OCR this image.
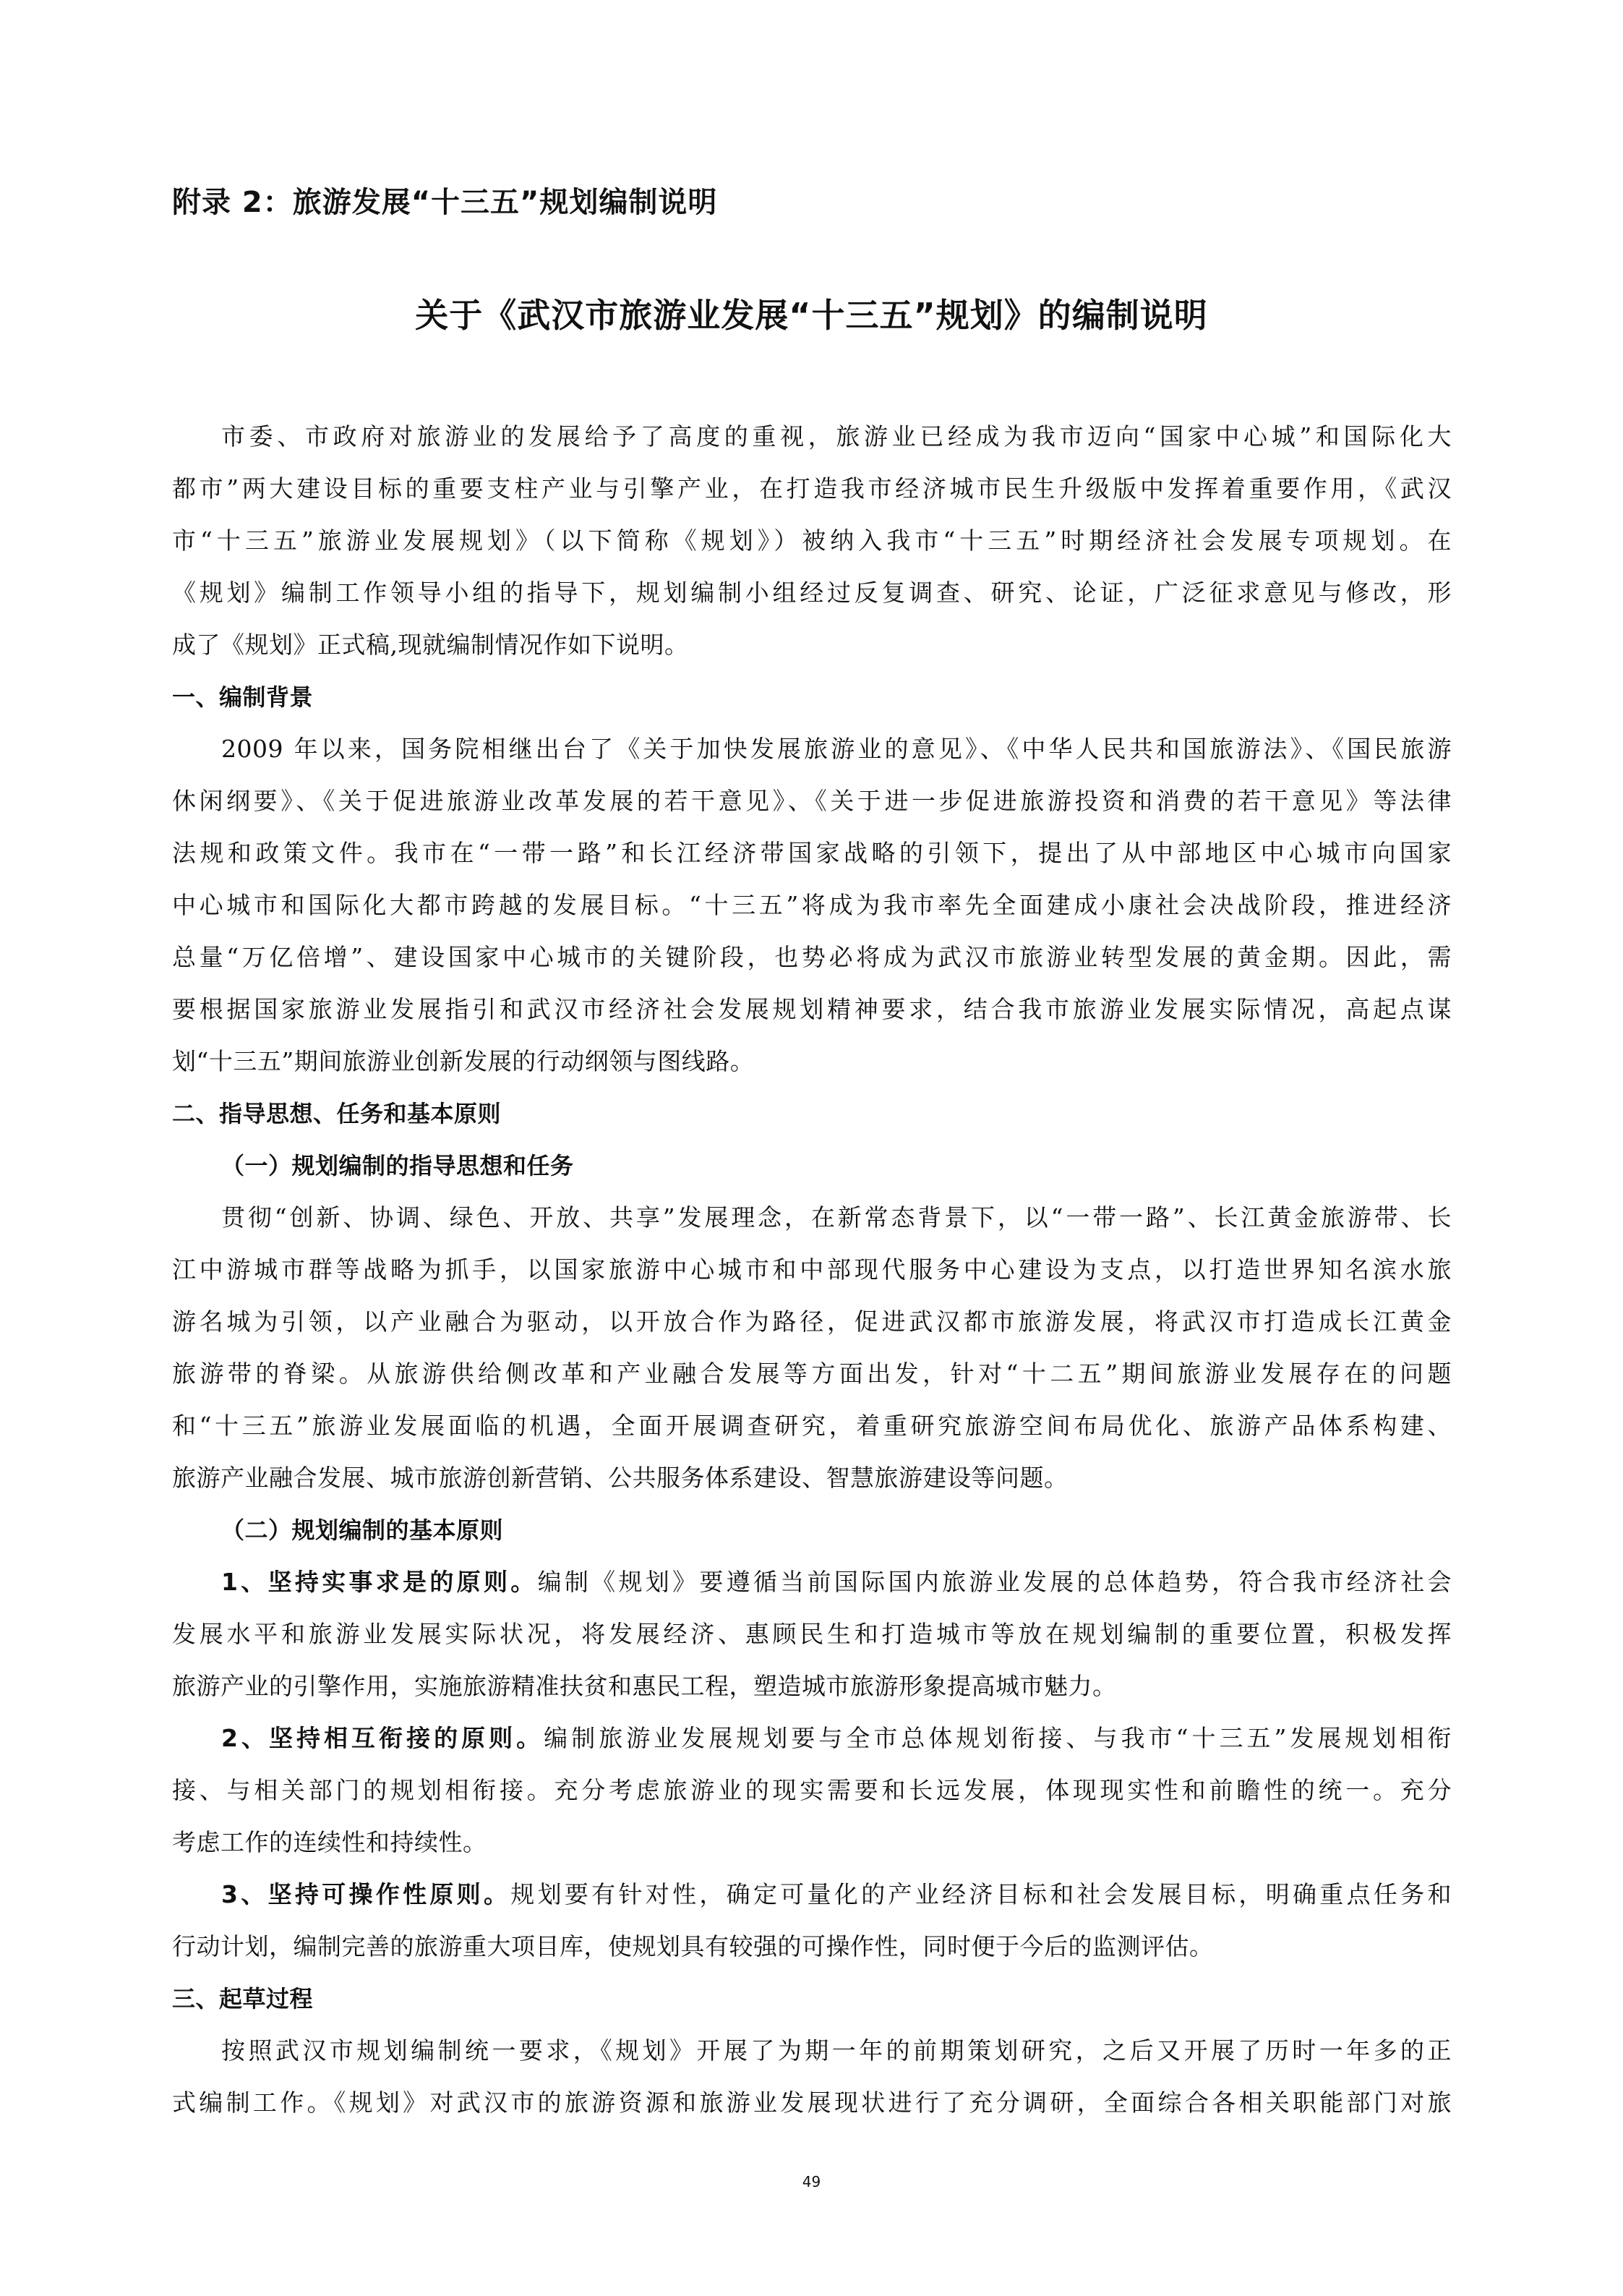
附录 2：旅游发展“十三五”规划编制说明
关于《武汉市旅游业发展“十三五”规划》的编制说明
市委、市政府对旅游业的发展给予了高度的重视，旅游业已经成为我市迈向“国家中心城”和国际化大
都市”两大建设目标的重要支柱产业与引擎产业，在打造我市经济城市民生升级版中发挥着重要作用，《武汉
市“十三五”旅游业发展规划》（以下简称《规划》）被纳入我市“十三五”时期经济社会发展专项规划。在
《规划》编制工作领导小组的指导下，规划编制小组经过反复调查、研究、论证，广泛征求意见与修改，形
成了《规划》正式稿,现就编制情况作如下说明。
一、编制背景
2009 年以来，国务院相继出台了《关于加快发展旅游业的意见》、《中华人民共和国旅游法》、《国民旅游
休闲纲要》、《关于促进旅游业改革发展的若干意见》、《关于进一步促进旅游投资和消费的若干意见》等法律
法规和政策文件。我市在“一带一路”和长江经济带国家战略的引领下，提出了从中部地区中心城市向国家
中心城市和国际化大都市跨越的发展目标。“十三五”将成为我市率先全面建成小康社会决战阶段，推进经济
总量“万亿倍增”、建设国家中心城市的关键阶段，也势必将成为武汉市旅游业转型发展的黄金期。因此，需
要根据国家旅游业发展指引和武汉市经济社会发展规划精神要求，结合我市旅游业发展实际情况，高起点谋
划“十三五”期间旅游业创新发展的行动纲领与图线路。
二、指导思想、任务和基本原则
（一）规划编制的指导思想和任务
贯彻“创新、协调、绿色、开放、共享”发展理念，在新常态背景下，以“一带一路”、长江黄金旅游带、长
江中游城市群等战略为抓手，以国家旅游中心城市和中部现代服务中心建设为支点，以打造世界知名滨水旅
游名城为引领，以产业融合为驱动，以开放合作为路径，促进武汉都市旅游发展，将武汉市打造成长江黄金
旅游带的脊梁。从旅游供给侧改革和产业融合发展等方面出发，针对“十二五”期间旅游业发展存在的问题
和“十三五”旅游业发展面临的机遇，全面开展调查研究，着重研究旅游空间布局优化、旅游产品体系构建、
旅游产业融合发展、城市旅游创新营销、公共服务体系建设、智慧旅游建设等问题。
（二）规划编制的基本原则
1、坚持实事求是的原则。编制《规划》要遵循当前国际国内旅游业发展的总体趋势，符合我市经济社会
发展水平和旅游业发展实际状况，将发展经济、惠顾民生和打造城市等放在规划编制的重要位置，积极发挥
旅游产业的引擎作用，实施旅游精准扶贫和惠民工程，塑造城市旅游形象提高城市魅力。
2、坚持相互衔接的原则。编制旅游业发展规划要与全市总体规划衔接、与我市“十三五”发展规划相衔
接、与相关部门的规划相衔接。充分考虑旅游业的现实需要和长远发展，体现现实性和前瞻性的统一。充分
考虑工作的连续性和持续性。
3、坚持可操作性原则。规划要有针对性，确定可量化的产业经济目标和社会发展目标，明确重点任务和
行动计划，编制完善的旅游重大项目库，使规划具有较强的可操作性，同时便于今后的监测评估。
三、起草过程
按照武汉市规划编制统一要求，《规划》开展了为期一年的前期策划研究，之后又开展了历时一年多的正
式编制工作。《规划》对武汉市的旅游资源和旅游业发展现状进行了充分调研，全面综合各相关职能部门对旅
49
